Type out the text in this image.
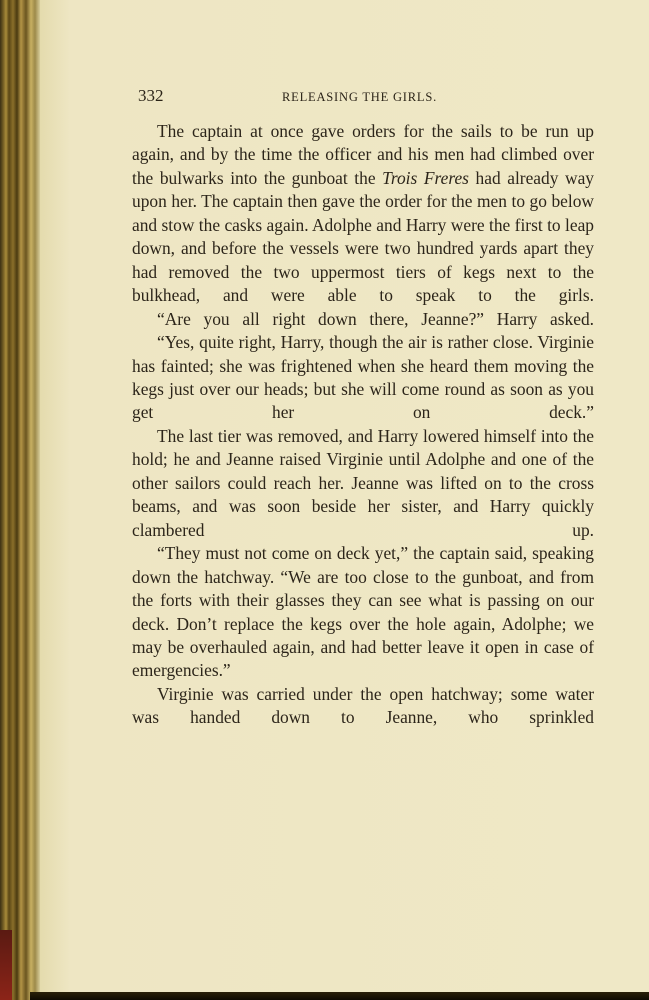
332	RELEASING THE GIRLS.

The captain at once gave orders for the sails to be run up again, and by the time the officer and his men had climbed over the bulwarks into the gunboat the Trois Freres had already way upon her. The captain then gave the order for the men to go below and stow the casks again. Adolphe and Harry were the first to leap down, and before the vessels were two hundred yards apart they had removed the two uppermost tiers of kegs next to the bulkhead, and were able to speak to the girls.

“Are you all right down there, Jeanne?” Harry asked.

“Yes, quite right, Harry, though the air is rather close. Virginie has fainted; she was frightened when she heard them moving the kegs just over our heads; but she will come round as soon as you get her on deck.”

The last tier was removed, and Harry lowered himself into the hold; he and Jeanne raised Virginie until Adolphe and one of the other sailors could reach her. Jeanne was lifted on to the cross beams, and was soon beside her sister, and Harry quickly clambered up.

“They must not come on deck yet,” the captain said, speaking down the hatchway. “We are too close to the gunboat, and from the forts with their glasses they can see what is passing on our deck. Don’t replace the kegs over the hole again, Adolphe; we may be overhauled again, and had better leave it open in case of emergencies.”

Virginie was carried under the open hatchway; some water was handed down to Jeanne, who sprinkled
